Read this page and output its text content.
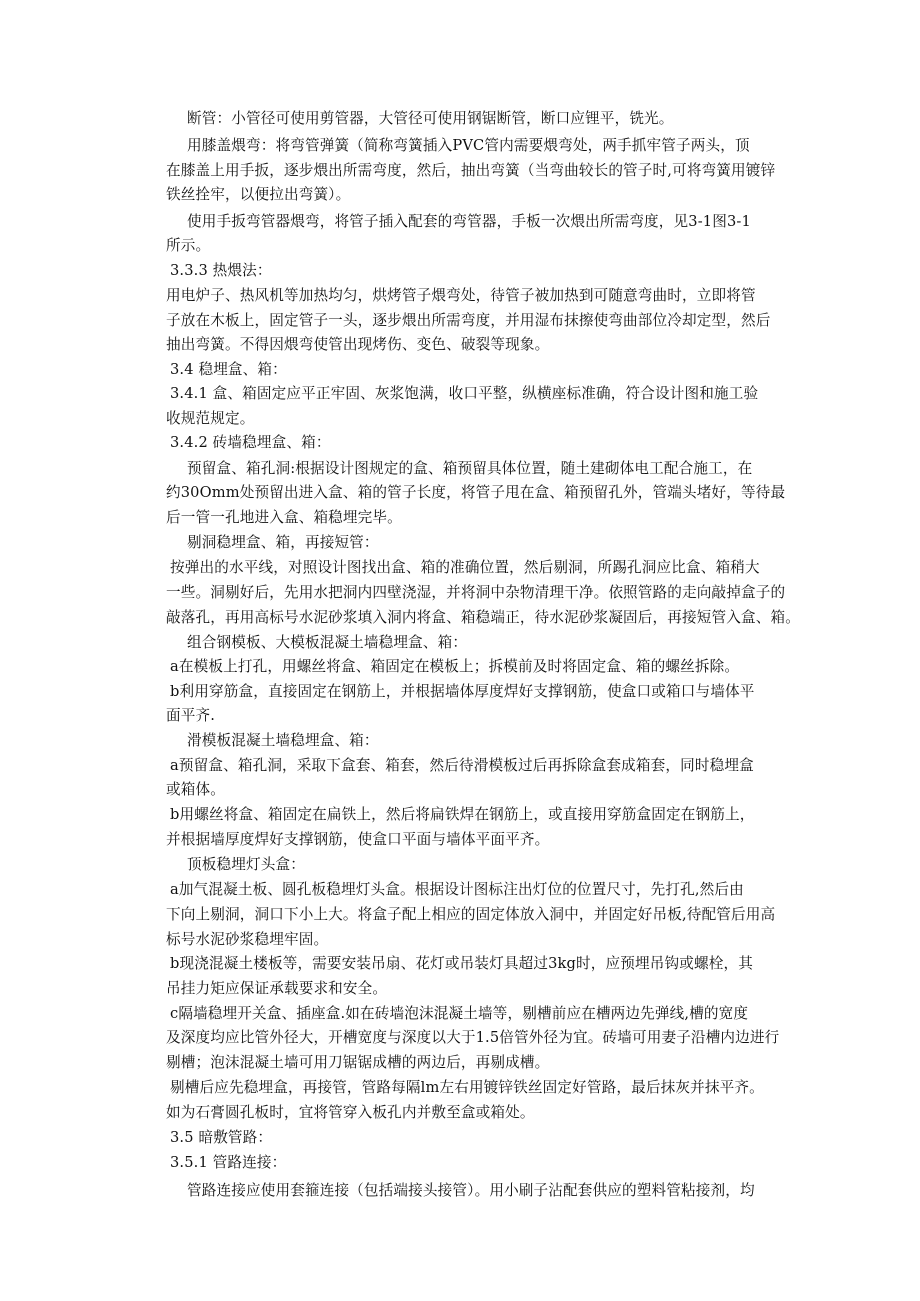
断管：小管径可使用剪管器，大管径可使用钢锯断管，断口应锂平，铣光。
用膝盖煨弯：将弯管弹簧（简称弯簧插入PVC管内需要煨弯处，两手抓牢管子两头，顶
在膝盖上用手扳，逐步煨出所需弯度，然后，抽出弯簧（当弯曲较长的管子时,可将弯簧用镀锌
铁丝拴牢，以便拉出弯簧）。
使用手扳弯管器煨弯，将管子插入配套的弯管器，手板一次煨出所需弯度，见3-1图3-1
所示。
3.3.3 热煨法：
用电炉子、热风机等加热均匀，烘烤管子煨弯处，待管子被加热到可随意弯曲时，立即将管
子放在木板上，固定管子一头，逐步煨出所需弯度，并用湿布抹擦使弯曲部位冷却定型，然后
抽出弯簧。不得因煨弯使管出现烤伤、变色、破裂等现象。
3.4 稳埋盒、箱：
3.4.1 盒、箱固定应平正牢固、灰浆饱满，收口平整，纵横座标准确，符合设计图和施工验
收规范规定。
3.4.2 砖墙稳埋盒、箱：
预留盒、箱孔洞:根据设计图规定的盒、箱预留具体位置，随土建砌体电工配合施工，在
约30Omm处预留出进入盒、箱的管子长度，将管子甩在盒、箱预留孔外，管端头堵好，等待最
后一管一孔地进入盒、箱稳埋完毕。
剔洞稳埋盒、箱，再接短管：
按弹出的水平线，对照设计图找出盒、箱的准确位置，然后剔洞，所踢孔洞应比盒、箱稍大
一些。洞剔好后，先用水把洞内四壁浇湿，并将洞中杂物清理干净。依照管路的走向敲掉盒子的
敲落孔，再用高标号水泥砂浆填入洞内将盒、箱稳端正，待水泥砂浆凝固后，再接短管入盒、箱。
组合钢模板、大模板混凝土墙稳埋盒、箱：
a在模板上打孔，用螺丝将盒、箱固定在模板上；拆模前及时将固定盒、箱的螺丝拆除。
b利用穿筋盒，直接固定在钢筋上，并根据墙体厚度焊好支撑钢筋，使盒口或箱口与墙体平
面平齐.
滑模板混凝土墙稳埋盒、箱：
a预留盒、箱孔洞，采取下盒套、箱套，然后待滑模板过后再拆除盒套成箱套，同时稳埋盒
或箱体。
b用螺丝将盒、箱固定在扁铁上，然后将扁铁焊在钢筋上，或直接用穿筋盒固定在钢筋上，
并根据墙厚度焊好支撑钢筋，使盒口平面与墙体平面平齐。
顶板稳埋灯头盒：
a加气混凝土板、圆孔板稳埋灯头盒。根据设计图标注出灯位的位置尺寸，先打孔,然后由
下向上剔洞，洞口下小上大。将盒子配上相应的固定体放入洞中，并固定好吊板,待配管后用高
标号水泥砂浆稳埋牢固。
b现浇混凝土楼板等，需要安装吊扇、花灯或吊装灯具超过3kg时，应预埋吊钩或螺栓，其
吊挂力矩应保证承载要求和安全。
c隔墙稳埋开关盒、插座盒.如在砖墙泡沫混凝土墙等，剔槽前应在槽两边先弹线,槽的宽度
及深度均应比管外径大，开槽宽度与深度以大于1.5倍管外径为宜。砖墙可用妻子沿槽内边进行
剔槽；泡沫混凝土墙可用刀锯锯成槽的两边后，再剔成槽。
剔槽后应先稳埋盒，再接管，管路每隔lm左右用镀锌铁丝固定好管路，最后抹灰并抹平齐。
如为石膏圆孔板时，宜将管穿入板孔内并敷至盒或箱处。
3.5 暗敷管路：
3.5.1 管路连接：
管路连接应使用套箍连接（包括端接头接管）。用小刷子沾配套供应的塑料管粘接剂，均
